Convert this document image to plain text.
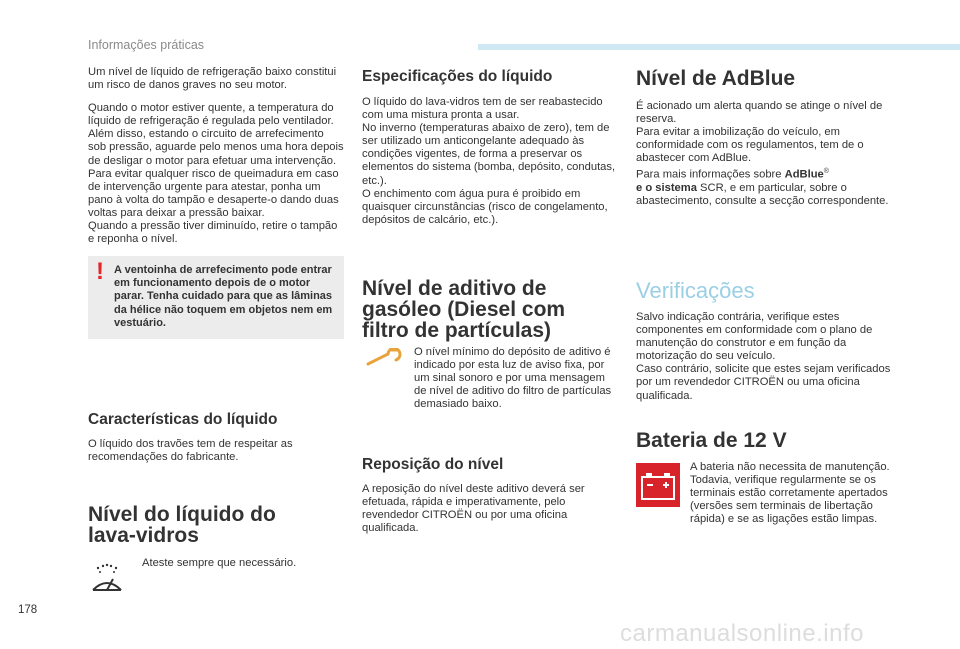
Informações práticas

Um nível de líquido de refrigeração baixo constitui um risco de danos graves no seu motor.

Quando o motor estiver quente, a temperatura do líquido de refrigeração é regulada pelo ventilador.

Além disso, estando o circuito de arrefecimento sob pressão, aguarde pelo menos uma hora depois de desligar o motor para efetuar uma intervenção.

Para evitar qualquer risco de queimadura em caso de intervenção urgente para atestar, ponha um pano à volta do tampão e desaperte-o dando duas voltas para deixar a pressão baixar.

Quando a pressão tiver diminuído, retire o tampão e reponha o nível.

! A ventoinha de arrefecimento pode entrar em funcionamento depois de o motor parar. Tenha cuidado para que as lâminas da hélice não toquem em objetos nem em vestuário.
Características do líquido

O líquido dos travões tem de respeitar as recomendações do fabricante.

Nível do líquido do lava-vidros

Ateste sempre que necessário.

Especificações do líquido

O líquido do lava-vidros tem de ser reabastecido com uma mistura pronta a usar.

No inverno (temperaturas abaixo de zero), tem de ser utilizado um anticongelante adequado às condições vigentes, de forma a preservar os elementos do sistema (bomba, depósito, condutas, etc.).

O enchimento com água pura é proibido em quaisquer circunstâncias (risco de congelamento, depósitos de calcário, etc.).

Nível de aditivo de gasóleo (Diesel com filtro de partículas)

O nível mínimo do depósito de aditivo é indicado por esta luz de aviso fixa, por um sinal sonoro e por uma mensagem de nível de aditivo do filtro de partículas demasiado baixo.

Reposição do nível

A reposição do nível deste aditivo deverá ser efetuada, rápida e imperativamente, pelo revendedor CITROËN ou por uma oficina qualificada.

Nível de AdBlue

É acionado um alerta quando se atinge o nível de reserva.

Para evitar a imobilização do veículo, em conformidade com os regulamentos, tem de o abastecer com AdBlue.

Para mais informações sobre AdBlue®
e o sistema SCR, e em particular, sobre o abastecimento, consulte a secção correspondente.

Verificações

Salvo indicação contrária, verifique estes componentes em conformidade com o plano de manutenção do construtor e em função da motorização do seu veículo.

Caso contrário, solicite que estes sejam verificados por um revendedor CITROËN ou uma oficina qualificada.

Bateria de 12 V

A bateria não necessita de manutenção.

Todavia, verifique regularmente se os terminais estão corretamente apertados (versões sem terminais de libertação rápida) e se as ligações estão limpas.

178
carmanualsonline.info
